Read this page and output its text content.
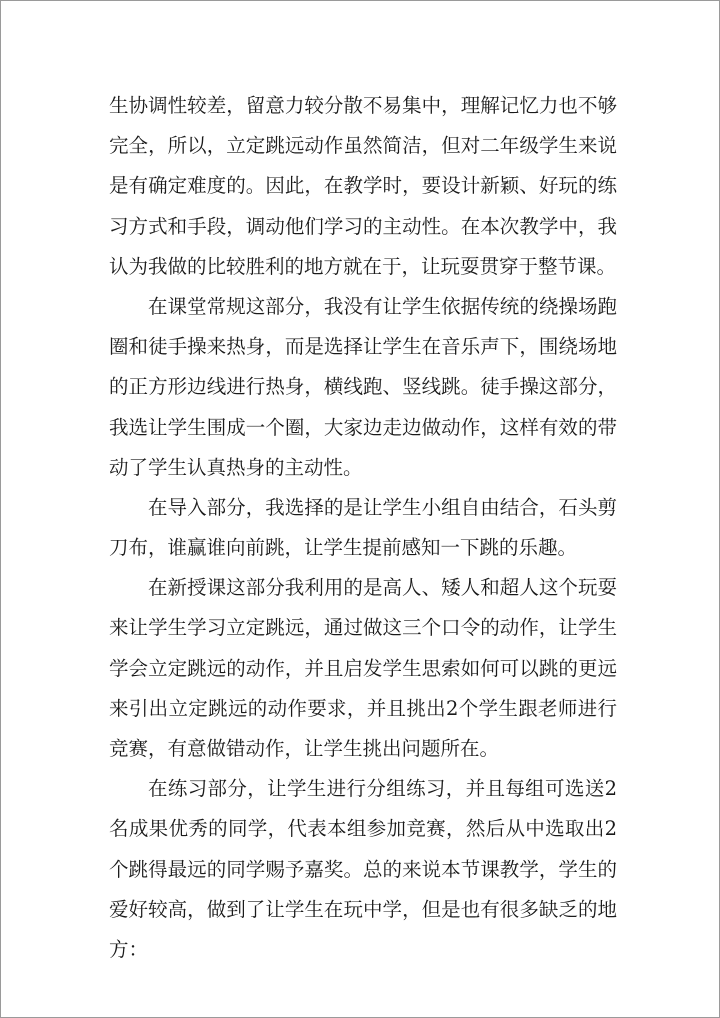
生协调性较差，留意力较分散不易集中，理解记忆力也不够
完全，所以，立定跳远动作虽然简洁，但对二年级学生来说
是有确定难度的。因此，在教学时，要设计新颖、好玩的练
习方式和手段，调动他们学习的主动性。在本次教学中，我
认为我做的比较胜利的地方就在于，让玩耍贯穿于整节课。
在课堂常规这部分，我没有让学生依据传统的绕操场跑
圈和徒手操来热身，而是选择让学生在音乐声下，围绕场地
的正方形边线进行热身，横线跑、竖线跳。徒手操这部分，
我选让学生围成一个圈，大家边走边做动作，这样有效的带
动了学生认真热身的主动性。
在导入部分，我选择的是让学生小组自由结合，石头剪
刀布，谁赢谁向前跳，让学生提前感知一下跳的乐趣。
在新授课这部分我利用的是高人、矮人和超人这个玩耍
来让学生学习立定跳远，通过做这三个口令的动作，让学生
学会立定跳远的动作，并且启发学生思索如何可以跳的更远
来引出立定跳远的动作要求，并且挑出2个学生跟老师进行
竞赛，有意做错动作，让学生挑出问题所在。
在练习部分，让学生进行分组练习，并且每组可选送2
名成果优秀的同学，代表本组参加竞赛，然后从中选取出2
个跳得最远的同学赐予嘉奖。总的来说本节课教学，学生的
爱好较高，做到了让学生在玩中学，但是也有很多缺乏的地
方：
